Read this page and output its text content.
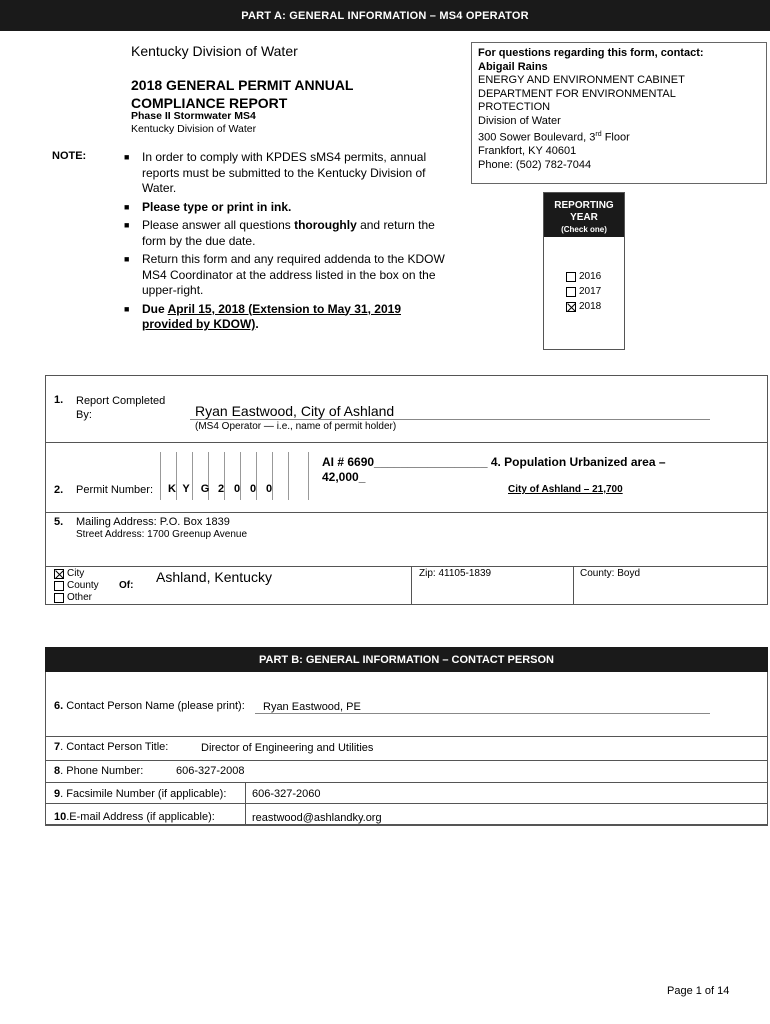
PART A: GENERAL INFORMATION – MS4 OPERATOR
Kentucky Division of Water
2018 GENERAL PERMIT ANNUAL
COMPLIANCE REPORT
Phase II Stormwater MS4
Kentucky Division of Water
NOTE:	■ In order to comply with KPDES sMS4 permits, annual reports must be submitted to the Kentucky Division of Water.
■ Please type or print in ink.
■ Please answer all questions thoroughly and return the form by the due date.
■ Return this form and any required addenda to the KDOW MS4 Coordinator at the address listed in the box on the upper-right.
■ Due April 15, 2018 (Extension to May 31, 2019 provided by KDOW).
For questions regarding this form, contact:
Abigail Rains
ENERGY AND ENVIRONMENT CABINET
DEPARTMENT FOR ENVIRONMENTAL
PROTECTION
Division of Water
300 Sower Boulevard, 3rd Floor
Frankfort, KY 40601
Phone: (502) 782-7044
REPORTING
YEAR
(Check one)
2016
2017
2018
1. Report Completed
By:	Ryan Eastwood, City of Ashland
(MS4 Operator — i.e., name of permit holder)
2. Permit Number:	K Y	G 2 0 0 0
AI # 6690_________________ 4. Population Urbanized area –
42,000_
City of Ashland – 21,700
5. Mailing Address: P.O. Box 1839
Street Address: 1700 Greenup Avenue
City
County
Other
Of:
Ashland, Kentucky	Zip: 41105-1839	County: Boyd
PART B: GENERAL INFORMATION – CONTACT PERSON
6. Contact Person Name (please print): Ryan Eastwood, PE
7. Contact Person Title:	Director of Engineering and Utilities
8. Phone Number:	606-327-2008
9. Facsimile Number (if applicable): 606-327-2060
10.E-mail Address (if applicable):	reastwood@ashlandky.org
Page 1 of 14
